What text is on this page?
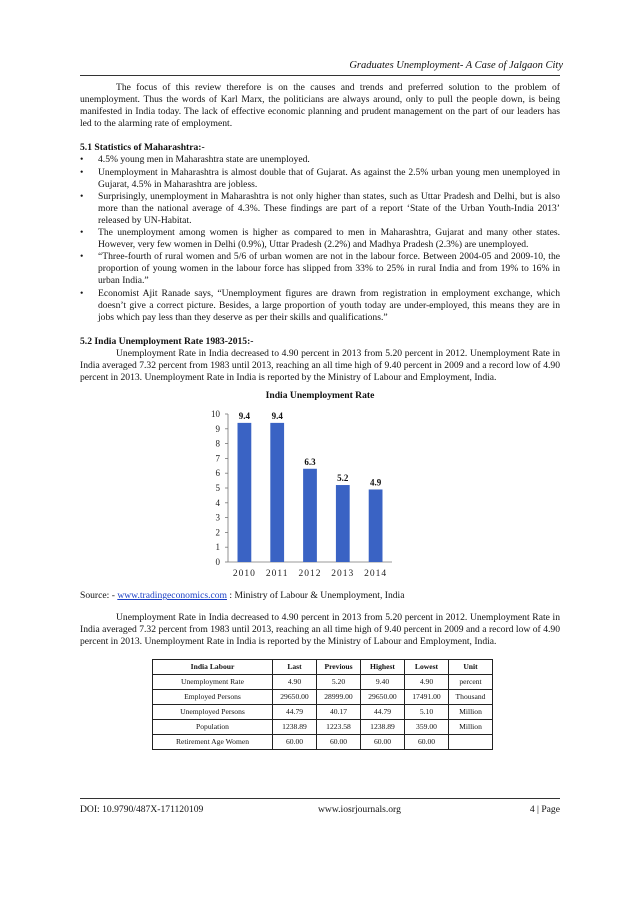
Graduates Unemployment- A Case of Jalgaon City

The focus of this review therefore is on the causes and trends and preferred solution to the problem of unemployment. Thus the words of Karl Marx, the politicians are always around, only to pull the people down, is being manifested in India today. The lack of effective economic planning and prudent management on the part of our leaders has led to the alarming rate of employment.

5.1 Statistics of Maharashtra:-

• 4.5% young men in Maharashtra state are unemployed.
• Unemployment in Maharashtra is almost double that of Gujarat. As against the 2.5% urban young men unemployed in Gujarat, 4.5% in Maharashtra are jobless.
• Surprisingly, unemployment in Maharashtra is not only higher than states, such as Uttar Pradesh and Delhi, but is also more than the national average of 4.3%. These findings are part of a report ‘State of the Urban Youth-India 2013’ released by UN-Habitat.
• The unemployment among women is higher as compared to men in Maharashtra, Gujarat and many other states. However, very few women in Delhi (0.9%), Uttar Pradesh (2.2%) and Madhya Pradesh (2.3%) are unemployed.
• “Three-fourth of rural women and 5/6 of urban women are not in the labour force. Between 2004-05 and 2009-10, the proportion of young women in the labour force has slipped from 33% to 25% in rural India and from 19% to 16% in urban India.”
• Economist Ajit Ranade says, “Unemployment figures are drawn from registration in employment exchange, which doesn’t give a correct picture. Besides, a large proportion of youth today are under-employed, this means they are in jobs which pay less than they deserve as per their skills and qualifications.”

5.2 India Unemployment Rate 1983-2015:-

Unemployment Rate in India decreased to 4.90 percent in 2013 from 5.20 percent in 2012. Unemployment Rate in India averaged 7.32 percent from 1983 until 2013, reaching an all time high of 9.40 percent in 2009 and a record low of 4.90 percent in 2013. Unemployment Rate in India is reported by the Ministry of Labour and Employment, India.

India Unemployment Rate
0
1
2
3
4
5
6
7
8
9
10 9.4
2010
9.4
2011
6.3
2012
5.2
2013
4.9
2014

Source: - www.tradingeconomics.com : Ministry of Labour & Unemployment, India

Unemployment Rate in India decreased to 4.90 percent in 2013 from 5.20 percent in 2012. Unemployment Rate in India averaged 7.32 percent from 1983 until 2013, reaching an all time high of 9.40 percent in 2009 and a record low of 4.90 percent in 2013. Unemployment Rate in India is reported by the Ministry of Labour and Employment, India.

India Labour	Last	Previous	Highest	Lowest	Unit
Unemployment Rate	4.90	5.20	9.40	4.90	percent
Employed Persons	29650.00	28999.00	29650.00	17491.00	Thousand
Unemployed Persons	44.79	40.17	44.79	5.10	Million
Population	1238.89	1223.58	1238.89	359.00	Million
Retirement Age Women	60.00	60.00	60.00	60.00	
DOI: 10.9790/487X-171120109	www.iosrjournals.org	4 | Page
